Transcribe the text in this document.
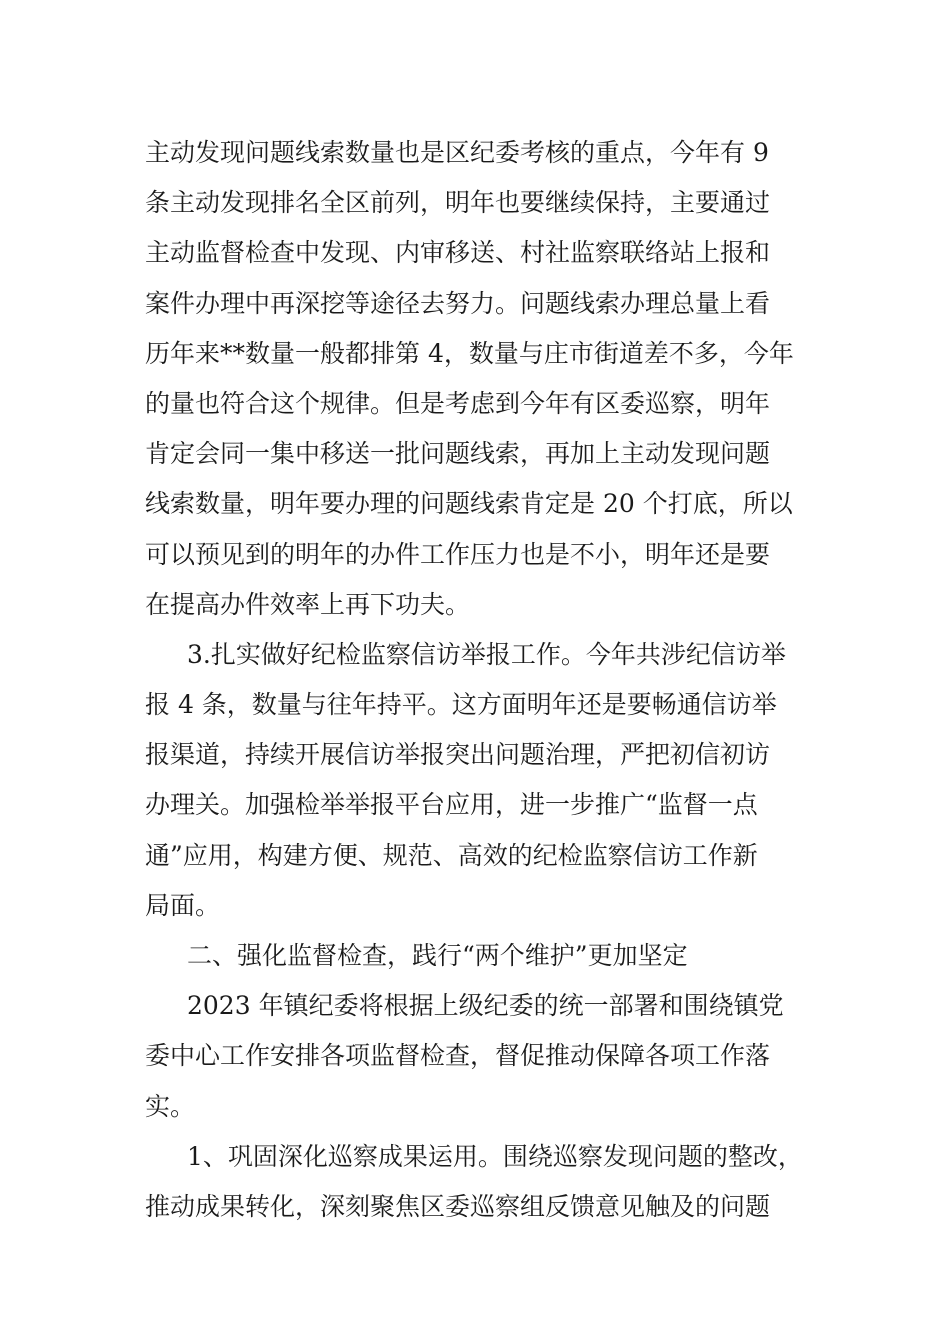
主动发现问题线索数量也是区纪委考核的重点，今年有 9
条主动发现排名全区前列，明年也要继续保持，主要通过
主动监督检查中发现、内审移送、村社监察联络站上报和
案件办理中再深挖等途径去努力。问题线索办理总量上看
历年来**数量一般都排第 4，数量与庄市街道差不多，今年
的量也符合这个规律。但是考虑到今年有区委巡察，明年
肯定会同一集中移送一批问题线索，再加上主动发现问题
线索数量，明年要办理的问题线索肯定是 20 个打底，所以
可以预见到的明年的办件工作压力也是不小，明年还是要
在提高办件效率上再下功夫。
3.扎实做好纪检监察信访举报工作。今年共涉纪信访举
报 4 条，数量与往年持平。这方面明年还是要畅通信访举
报渠道，持续开展信访举报突出问题治理，严把初信初访
办理关。加强检举举报平台应用，进一步推广“监督一点
通”应用，构建方便、规范、高效的纪检监察信访工作新
局面。
二、强化监督检查，践行“两个维护”更加坚定
2023 年镇纪委将根据上级纪委的统一部署和围绕镇党
委中心工作安排各项监督检查，督促推动保障各项工作落
实。
1、巩固深化巡察成果运用。围绕巡察发现问题的整改，
推动成果转化，深刻聚焦区委巡察组反馈意见触及的问题
